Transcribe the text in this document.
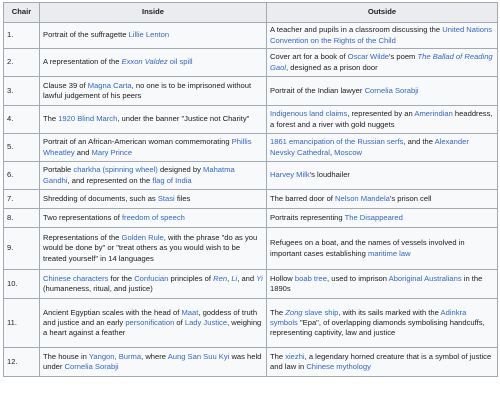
Chair	Inside	Outside
1.	Portrait of the suffragette Lillie Lenton	A teacher and pupils in a classroom discussing the United Nations Convention on the Rights of the Child
2.	A representation of the Exxon Valdez oil spill	Cover art for a book of Oscar Wilde's poem The Ballad of Reading Gaol, designed as a prison door
3.	Clause 39 of Magna Carta, no one is to be imprisoned without lawful judgement of his peers	Portrait of the Indian lawyer Cornelia Sorabji
4.	The 1920 Blind March, under the banner "Justice not Charity"	Indigenous land claims, represented by an Amerindian headdress, a forest and a river with gold nuggets
5.	Portrait of an African-American woman commemorating Phillis Wheatley and Mary Prince	1861 emancipation of the Russian serfs, and the Alexander Nevsky Cathedral, Moscow
6.	Portable charkha (spinning wheel) designed by Mahatma Gandhi, and represented on the flag of India	Harvey Milk's loudhailer
7.	Shredding of documents, such as Stasi files	The barred door of Nelson Mandela's prison cell
8.	Two representations of freedom of speech	Portraits representing The Disappeared
9.	Representations of the Golden Rule, with the phrase "do as you would be done by" or "treat others as you would wish to be treated yourself" in 14 languages	Refugees on a boat, and the names of vessels involved in important cases establishing maritime law
10.	Chinese characters for the Confucian principles of Ren, Li, and Yi (humaneness, ritual, and justice)	Hollow boab tree, used to imprison Aboriginal Australians in the 1890s
11.	Ancient Egyptian scales with the head of Maat, goddess of truth and justice and an early personification of Lady Justice, weighing a heart against a feather	The Zong slave ship, with its sails marked with the Adinkra symbols "Epa", of overlapping diamonds symbolising handcuffs, representing captivity, law and justice
12.	The house in Yangon, Burma, where Aung San Suu Kyi was held under Cornelia Sorabji	The xiezhi, a legendary horned creature that is a symbol of justice and law in Chinese mythology
